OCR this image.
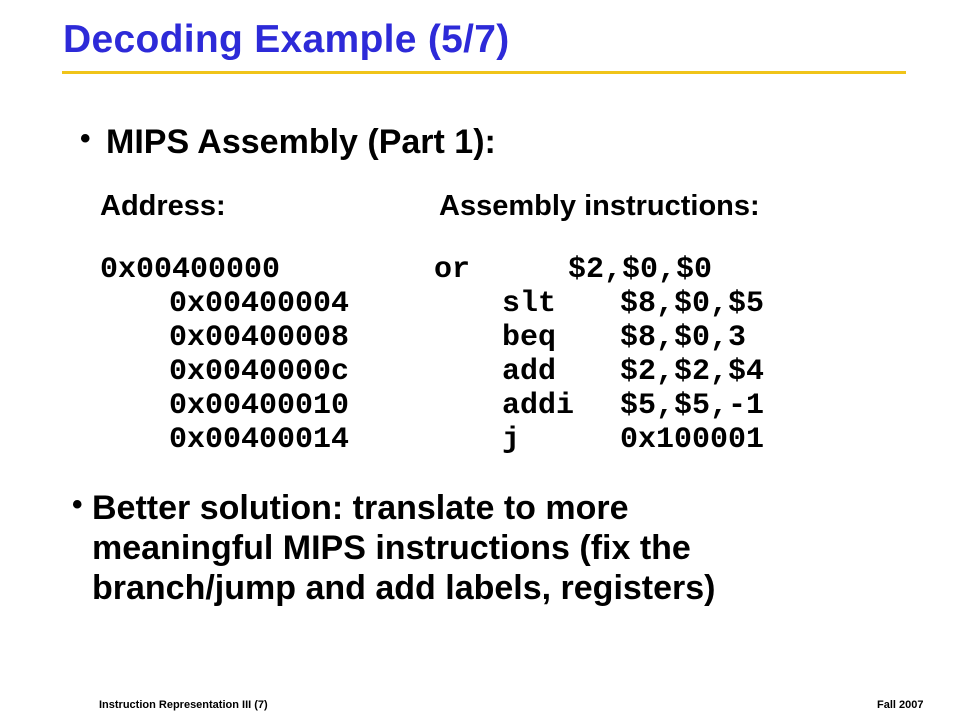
Decoding Example (5/7)
• MIPS Assembly (Part 1):
Address:	Assembly instructions:
0x00400000	or	$2,$0,$0
0x00400004	slt $8,$0,$5
0x00400008	beq $8,$0,3
0x0040000c	add $2,$2,$4
0x00400010	addi $5,$5,-1
0x00400014	j	0x100001
• Better solution: translate to more
meaningful MIPS instructions (fix the
branch/jump and add labels, registers)
Instruction Representation III (7)	Fall 2007
